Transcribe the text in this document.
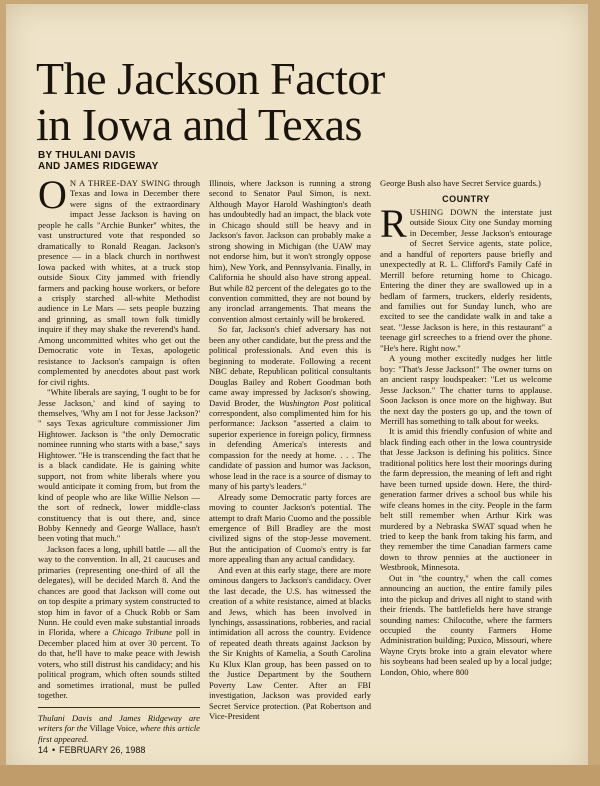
The Jackson Factor
in Iowa and Texas
BY THULANI DAVIS
AND JAMES RIDGEWAY

O N A THREE-DAY SWING through Texas and Iowa in December there were signs of the extraordinary impact Jesse Jackson is having on people he calls "Archie Bunker" whites, the vast unstructured vote that responded so dramatically to Ronald Reagan. Jackson's presence — in a black church in northwest Iowa packed with whites, at a truck stop outside Sioux City jammed with friendly farmers and packing house workers, or before a crisply starched all-white Methodist audience in Le Mars — sets people buzzing and grinning, as small town folk timidly inquire if they may shake the reverend's hand. Among uncommitted whites who get out the Democratic vote in Texas, apologetic resistance to Jackson's campaign is often complemented by anecdotes about past work for civil rights.

"White liberals are saying, 'I ought to be for Jesse Jackson,' and kind of saying to themselves, 'Why am I not for Jesse Jackson?' " says Texas agriculture commissioner Jim Hightower. Jackson is "the only Democratic nominee running who starts with a base," says Hightower. "He is transcending the fact that he is a black candidate. He is gaining white support, not from white liberals where you would anticipate it coming from, but from the kind of people who are like Willie Nelson — the sort of redneck, lower middle-class constituency that is out there, and, since Bobby Kennedy and George Wallace, hasn't been voting that much."

Jackson faces a long, uphill battle — all the way to the convention. In all, 21 caucuses and primaries (representing one-third of all the delegates), will be decided March 8. And the chances are good that Jackson will come out on top despite a primary system constructed to stop him in favor of a Chuck Robb or Sam Nunn. He could even make substantial inroads in Florida, where a Chicago Tribune poll in December placed him at over 30 percent. To do that, he'll have to make peace with Jewish voters, who still distrust his candidacy; and his political program, which often sounds stilted and sometimes irrational, must be pulled together.

Thulani Davis and James Ridgeway are writers for the Village Voice, where this article first appeared.

Illinois, where Jackson is running a strong second to Senator Paul Simon, is next. Although Mayor Harold Washington's death has undoubtedly had an impact, the black vote in Chicago should still be heavy and in Jackson's favor. Jackson can probably make a strong showing in Michigan (the UAW may not endorse him, but it won't strongly oppose him), New York, and Pennsylvania. Finally, in California he should also have strong appeal. But while 82 percent of the delegates go to the convention committed, they are not bound by any ironclad arrangements. That means the convention almost certainly will be brokered.

So far, Jackson's chief adversary has not been any other candidate, but the press and the political professionals. And even this is beginning to moderate. Following a recent NBC debate, Republican political consultants Douglas Bailey and Robert Goodman both came away impressed by Jackson's showing. David Broder, the Washington Post political correspondent, also complimented him for his performance: Jackson "asserted a claim to superior experience in foreign policy, firmness in defending America's interests and compassion for the needy at home. . . . The candidate of passion and humor was Jackson, whose lead in the race is a source of dismay to many of his party's leaders."

Already some Democratic party forces are moving to counter Jackson's potential. The attempt to draft Mario Cuomo and the possible emergence of Bill Bradley are the most civilized signs of the stop-Jesse movement. But the anticipation of Cuomo's entry is far more appealing than any actual candidacy.

And even at this early stage, there are more ominous dangers to Jackson's candidacy. Over the last decade, the U.S. has witnessed the creation of a white resistance, aimed at blacks and Jews, which has been involved in lynchings, assassinations, robberies, and racial intimidation all across the country. Evidence of repeated death threats against Jackson by the Sir Knights of Kamelia, a South Carolina Ku Klux Klan group, has been passed on to the Justice Department by the Southern Poverty Law Center. After an FBI investigation, Jackson was provided early Secret Service protection. (Pat Robertson and Vice-President

George Bush also have Secret Service guards.)

COUNTRY

RUSHING DOWN the interstate just outside Sioux City one Sunday morning in December, Jesse Jackson's entourage of Secret Service agents, state police, and a handful of reporters pause briefly and unexpectedly at R. L. Clifford's Family Café in Merrill before returning home to Chicago. Entering the diner they are swallowed up in a bedlam of farmers, truckers, elderly residents, and families out for Sunday lunch, who are excited to see the candidate walk in and take a seat. "Jesse Jackson is here, in this restaurant" a teenage girl screeches to a friend over the phone. "He's here. Right now."

A young mother excitedly nudges her little boy: "That's Jesse Jackson!" The owner turns on an ancient raspy loudspeaker: "Let us welcome Jesse Jackson." The chatter turns to applause. Soon Jackson is once more on the highway. But the next day the posters go up, and the town of Merrill has something to talk about for weeks.

It is amid this friendly confusion of white and black finding each other in the Iowa countryside that Jesse Jackson is defining his politics. Since traditional politics here lost their moorings during the farm depression, the meaning of left and right have been turned upside down. Here, the third-generation farmer drives a school bus while his wife cleans homes in the city. People in the farm belt still remember when Arthur Kirk was murdered by a Nebraska SWAT squad when he tried to keep the bank from taking his farm, and they remember the time Canadian farmers came down to throw pennies at the auctioneer in Westbrook, Minnesota.

Out in "the country," when the call comes announcing an auction, the entire family piles into the pickup and drives all night to stand with their friends. The battlefields here have strange sounding names: Chilocothe, where the farmers occupied the county Farmers Home Administration building; Puxico, Missouri, where Wayne Cryts broke into a grain elevator where his soybeans had been sealed up by a local judge; London, Ohio, where 800

14 • FEBRUARY 26, 1988
